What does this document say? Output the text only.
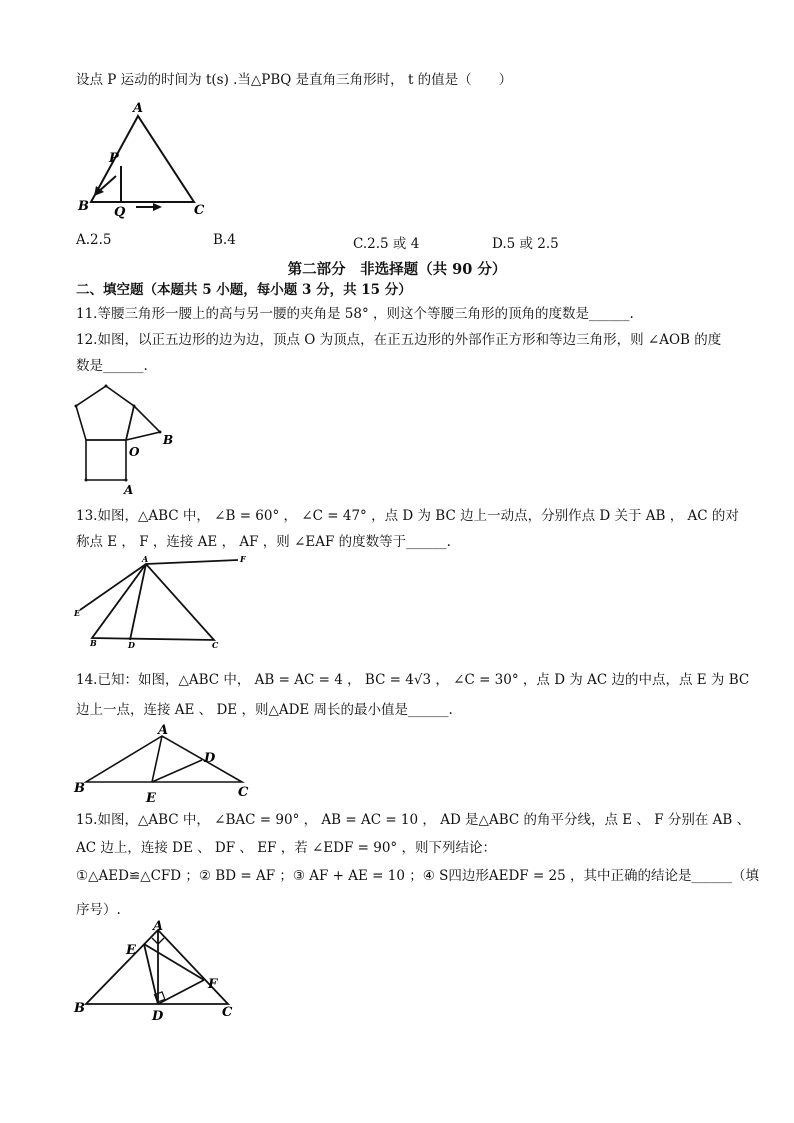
设点 P 运动的时间为 t(s) .当△PBQ 是直角三角形时， t 的值是（　　）
A
P
B Q	C
A.2.5	B.4	C.2.5 或 4	D.5 或 2.5
第二部分　非选择题（共 90 分）
二、填空题（本题共 5 小题，每小题 3 分，共 15 分）
11.等腰三角形一腰上的高与另一腰的夹角是 58° ，则这个等腰三角形的顶角的度数是______.
12.如图，以正五边形的边为边，顶点 O 为顶点，在正五边形的外部作正方形和等边三角形，则 ∠AOB 的度
数是______.
B
O
A
13.如图，△ABC 中， ∠B = 60° ， ∠C = 47° ，点 D 为 BC 边上一动点，分别作点 D 关于 AB ， AC 的对
称点 E ， F ，连接 AE ， AF ，则 ∠EAF 的度数等于______.
A	F
E
B	D	C
14.已知：如图，△ABC 中， AB = AC = 4 ， BC = 4√3 ， ∠C = 30° ，点 D 为 AC 边的中点，点 E 为 BC
边上一点，连接 AE 、 DE ，则△ADE 周长的最小值是______.
A
D
B
E	C
15.如图，△ABC 中， ∠BAC = 90° ， AB = AC = 10 ， AD 是△ABC 的角平分线，点 E 、 F 分别在 AB 、
AC 边上，连接 DE 、 DF 、 EF ，若 ∠EDF = 90° ，则下列结论：
①△AED≌△CFD ；② BD = AF ；③ AF + AE = 10 ；④ S四边形AEDF = 25 ，其中正确的结论是______（填
序号）.
A
E
F
B
D	C
